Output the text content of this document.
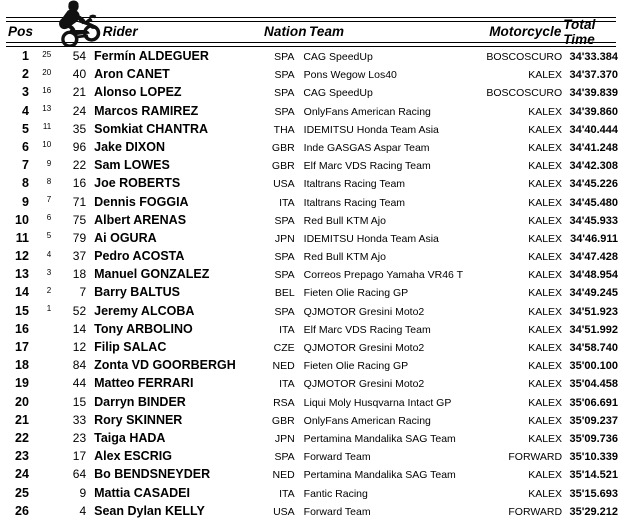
Pos	Rider	Nation Team	Motorcycle Total Time
1	25	54 Fermín ALDEGUER	SPA CAG SpeedUp	BOSCOSCURO 34'33.384
2	20	40 Aron CANET	SPA Pons Wegow Los40	KALEX 34'37.370
3	16	21 Alonso LOPEZ	SPA CAG SpeedUp	BOSCOSCURO 34'39.839
4	13	24 Marcos RAMIREZ	SPA OnlyFans American Racing	KALEX 34'39.860
5	11	35 Somkiat CHANTRA	THA IDEMITSU Honda Team Asia	KALEX 34'40.444
6	10	96 Jake DIXON	GBR Inde GASGAS Aspar Team	KALEX 34'41.248
7	9	22 Sam LOWES	GBR Elf Marc VDS Racing Team	KALEX 34'42.308
8	8	16 Joe ROBERTS	USA Italtrans Racing Team	KALEX 34'45.226
9	7	71 Dennis FOGGIA	ITA Italtrans Racing Team	KALEX 34'45.480
10	6	75 Albert ARENAS	SPA Red Bull KTM Ajo	KALEX 34'45.933
11	5	79 Ai OGURA	JPN IDEMITSU Honda Team Asia	KALEX 34'46.911
12	4	37 Pedro ACOSTA	SPA Red Bull KTM Ajo	KALEX 34'47.428
13	3	18 Manuel GONZALEZ	SPA Correos Prepago Yamaha VR46 T	KALEX 34'48.954
14	2	7 Barry BALTUS	BEL Fieten Olie Racing GP	KALEX 34'49.245
15	1	52 Jeremy ALCOBA	SPA QJMOTOR Gresini Moto2	KALEX 34'51.923
16	14 Tony ARBOLINO	ITA Elf Marc VDS Racing Team	KALEX 34'51.992
17	12 Filip SALAC	CZE QJMOTOR Gresini Moto2	KALEX 34'58.740
18	84 Zonta VD GOORBERGH	NED Fieten Olie Racing GP	KALEX 35'00.100
19	44 Matteo FERRARI	ITA QJMOTOR Gresini Moto2	KALEX 35'04.458
20	15 Darryn BINDER	RSA Liqui Moly Husqvarna Intact GP	KALEX 35'06.691
21	33 Rory SKINNER	GBR OnlyFans American Racing	KALEX 35'09.237
22	23 Taiga HADA	JPN Pertamina Mandalika SAG Team	KALEX 35'09.736
23	17 Alex ESCRIG	SPA Forward Team	FORWARD 35'10.339
24	64 Bo BENDSNEYDER	NED Pertamina Mandalika SAG Team	KALEX 35'14.521
25	9 Mattia CASADEI	ITA Fantic Racing	KALEX 35'15.693
26	4 Sean Dylan KELLY	USA Forward Team	FORWARD 35'29.212
